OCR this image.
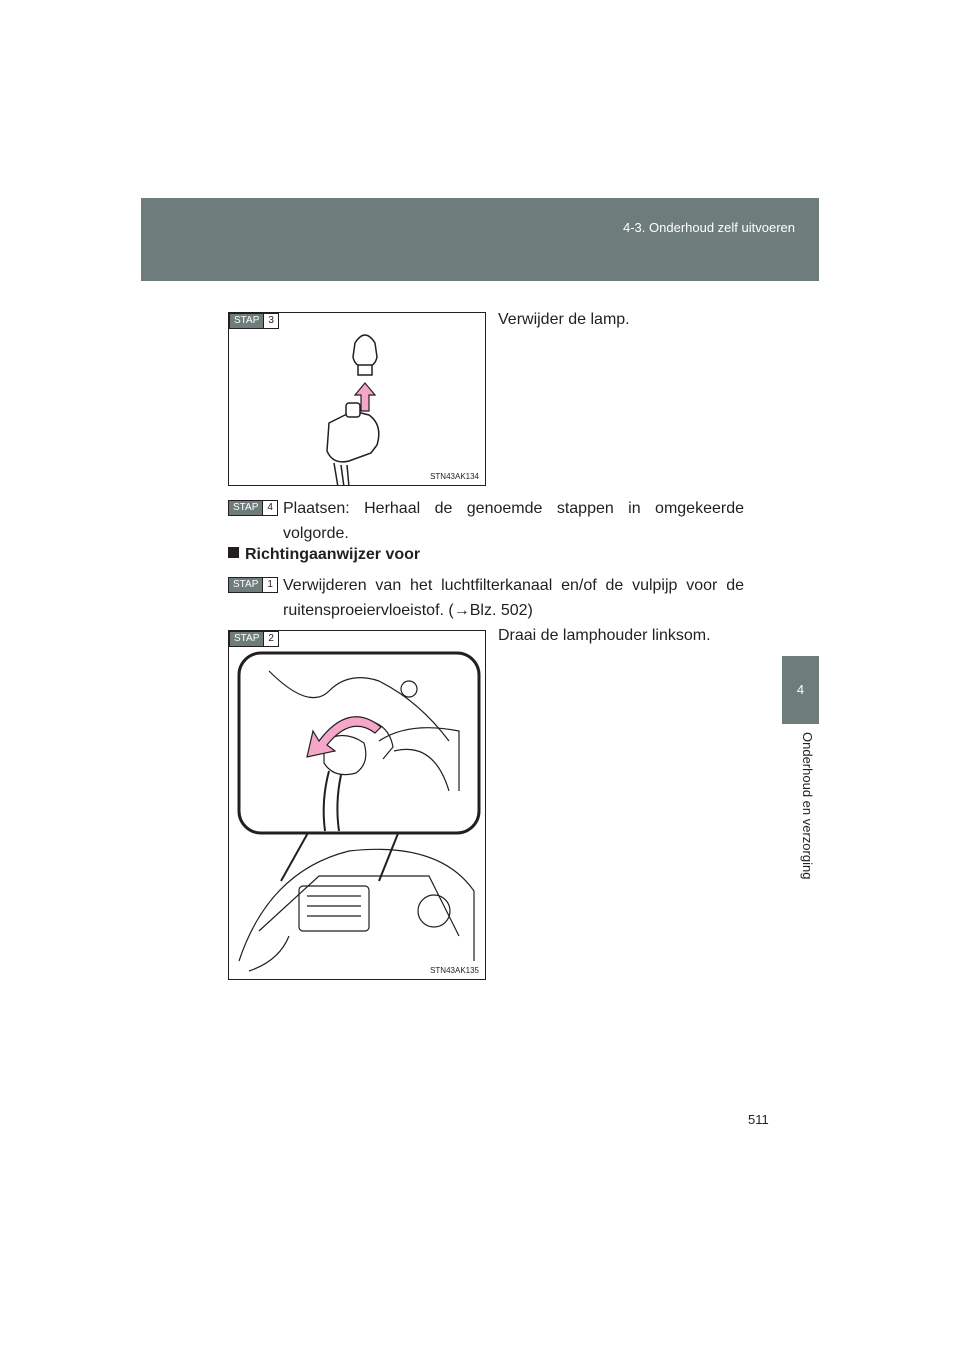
4-3. Onderhoud zelf uitvoeren
4
Onderhoud en verzorging
STAP 3
STN43AK134
Verwijder de lamp.
STAP 4 Plaatsen: Herhaal de genoemde stappen in omgekeerde volgorde.
Richtingaanwijzer voor
STAP 1 Verwijderen van het luchtfilterkanaal en/of de vulpijp voor de ruitensproeiervloeistof. (→Blz. 502)
STAP 2
STN43AK135
Draai de lamphouder linksom.
511
